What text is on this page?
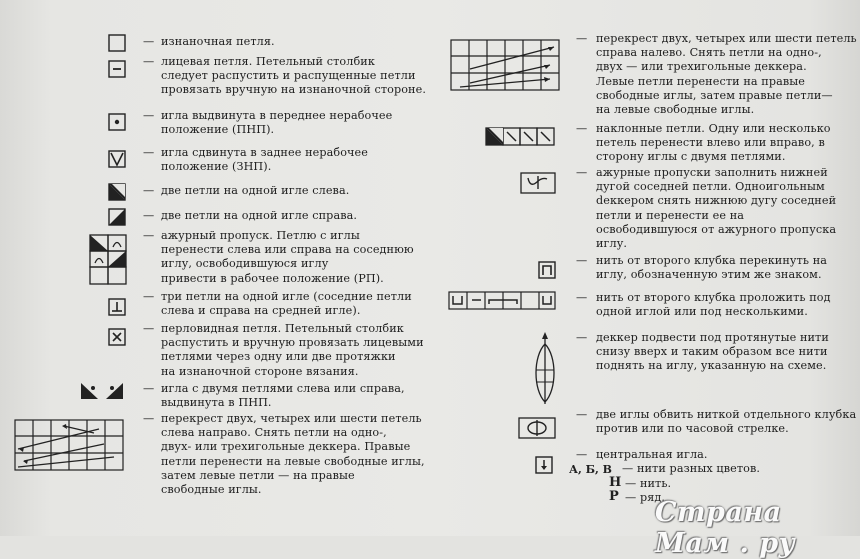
— изнаночная петля.
— лицевая петля. Петельный столбик
следует распустить и распущенные петли
провязать вручную на изнаночной стороне.
— игла выдвинута в переднее нерабочее
положение (ПНП).
— игла сдвинута в заднее нерабочее
положение (ЗНП).
— две петли на одной игле слева.
— две петли на одной игле справа.
— ажурный пропуск. Петлю с иглы
перенести слева или справа на соседнюю
иглу, освободившуюся иглу
привести в рабочее положение (РП).
— три петли на одной игле (соседние петли
слева и справа на средней игле).
— перловидная петля. Петельный столбик
распустить и вручную провязать лицевыми
петлями через одну или две протяжки
на изнаночной стороне вязания.
— игла с двумя петлями слева или справа,
выдвинута в ПНП.
— перекрест двух, четырех или шести петель
слева направо. Снять петли на одно-,
двух- или трехигольные деккера. Правые
петли перенести на левые свободные иглы,
затем левые петли — на правые
свободные иглы.
— перекрест двух, четырех или шести петель
справа налево. Снять петли на одно-,
двух — или трехигольные деккера.
Левые петли перенести на правые
свободные иглы, затем правые петли—
на левые свободные иглы.
— наклонные петли. Одну или несколько
петель перенести влево или вправо, в
сторону иглы с двумя петлями.
— ажурные пропуски заполнить нижней
дугой соседней петли. Одноигольным
dеккером снять нижнюю дугу соседней
петли и перенести ее на
освободившуюся от ажурного пропуска
иглу.
— нить от второго клубка перекинуть на
иглу, обозначенную этим же знаком.
— нить от второго клубка проложить под
одной иглой или под несколькими.
— деккер подвести под протянутые нити
снизу вверх и таким образом все нити
поднять на иглу, указанную на схеме.
— две иглы обвить ниткой отдельного клубка
против или по часовой стрелке.
— центральная игла.
А, Б, В — нити разных цветов.
Н — нить.
Р — ряд.
Страна Мам . ру
